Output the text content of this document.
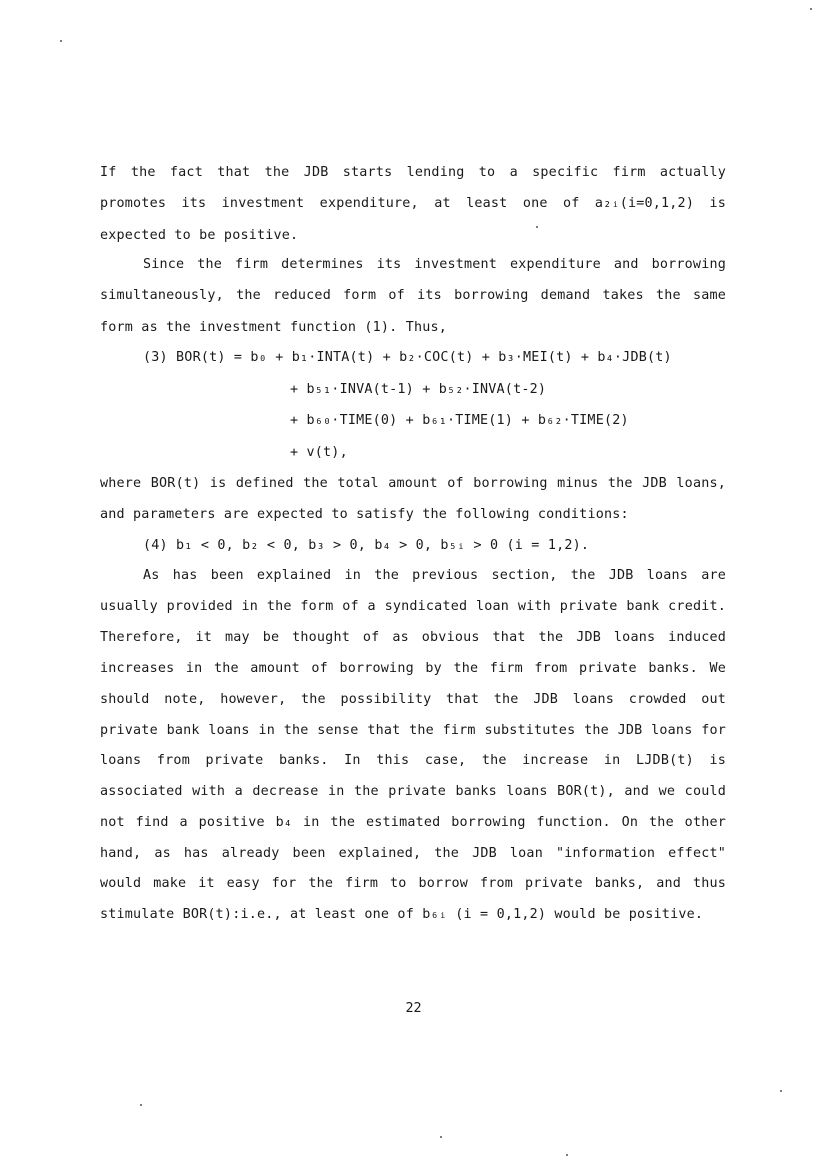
If the fact that the JDB starts lending to a specific firm actually
promotes its investment expenditure, at least one of a₂ᵢ(i=0,1,2) is
expected to be positive.
Since the firm determines its investment expenditure and borrowing
simultaneously, the reduced form of its borrowing demand takes the same
form as the investment function (1). Thus,
(3) BOR(t) = b₀ + b₁·INTA(t) + b₂·COC(t) + b₃·MEI(t) + b₄·JDB(t)
+ b₅₁·INVA(t-1) + b₅₂·INVA(t-2)
+ b₆₀·TIME(0) + b₆₁·TIME(1) + b₆₂·TIME(2)
+ v(t),
where BOR(t) is defined the total amount of borrowing minus the JDB loans,
and parameters are expected to satisfy the following conditions:
(4) b₁ < 0, b₂ < 0, b₃ > 0, b₄ > 0, b₅ᵢ > 0 (i = 1,2).
As has been explained in the previous section, the JDB loans are
usually provided in the form of a syndicated loan with private bank credit.
Therefore, it may be thought of as obvious that the JDB loans induced
increases in the amount of borrowing by the firm from private banks. We
should note, however, the possibility that the JDB loans crowded out
private bank loans in the sense that the firm substitutes the JDB loans for
loans from private banks. In this case, the increase in LJDB(t) is
associated with a decrease in the private banks loans BOR(t), and we could
not find a positive b₄ in the estimated borrowing function. On the other
hand, as has already been explained, the JDB loan "information effect"
would make it easy for the firm to borrow from private banks, and thus
stimulate BOR(t):i.e., at least one of b₆ᵢ (i = 0,1,2) would be positive.
22
